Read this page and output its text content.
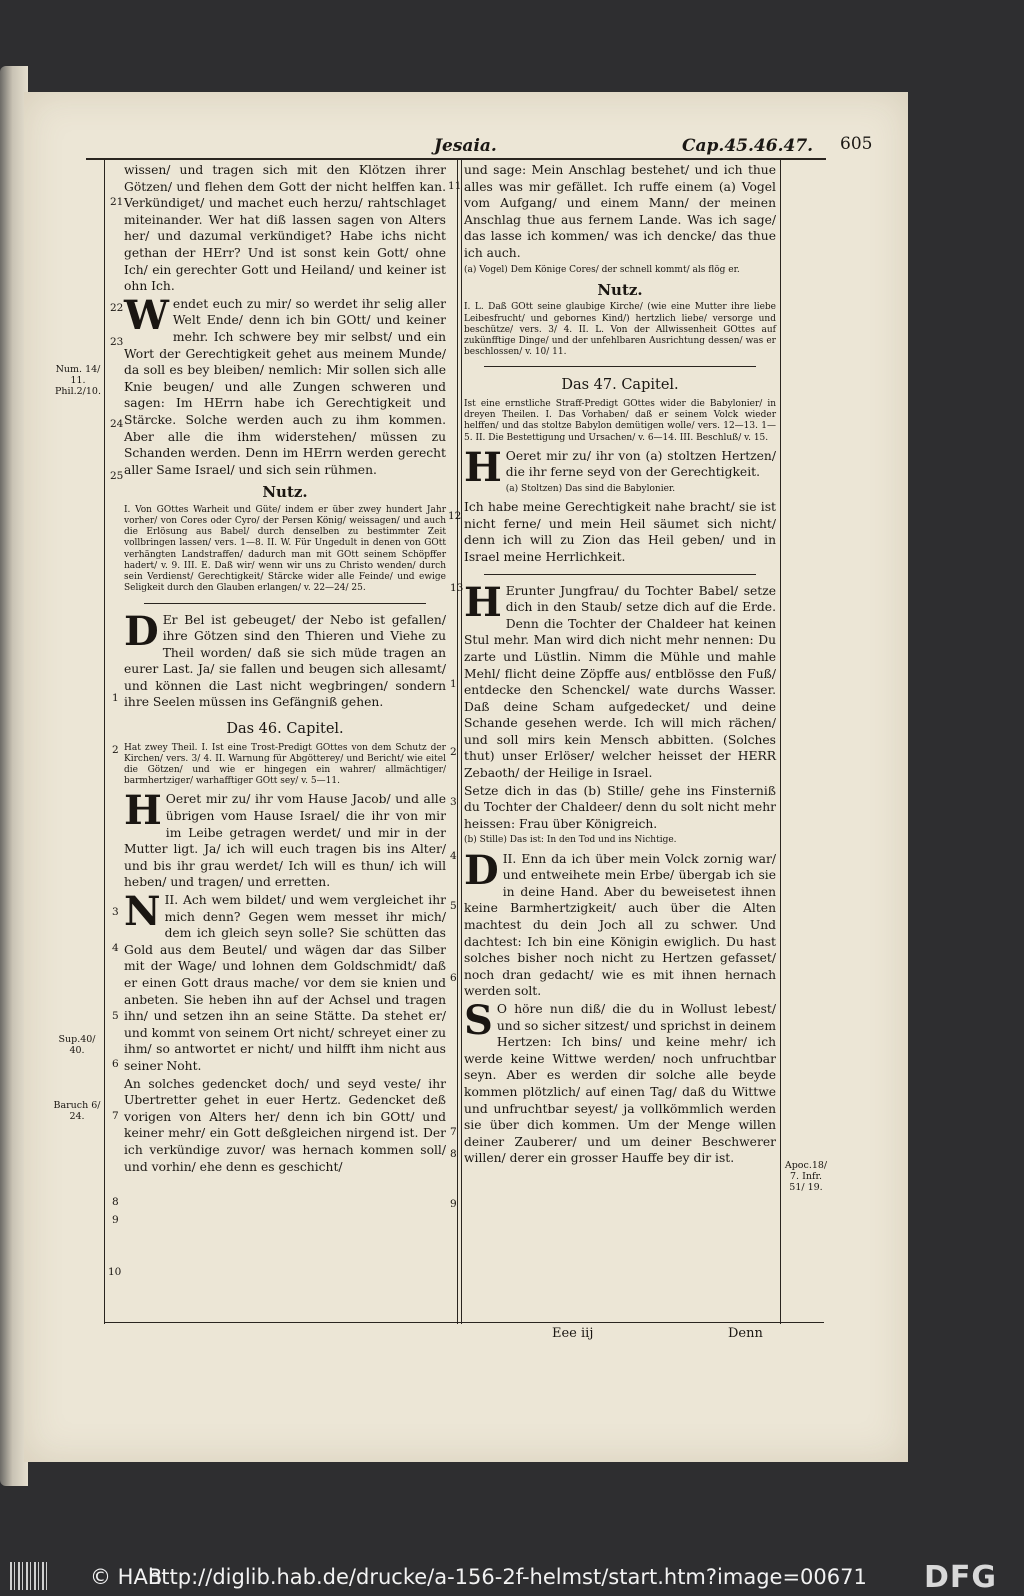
Jesaia.	Cap.45.46.47. 605
21
22
23
24
25
1
2
3
4
5
6
7
8
9
10
11
12
13
1
2
3
4
5
6
7
8
9
Num. 14/ 11. Phil.2/10.
Sup.40/ 40.
Baruch 6/ 24.
Apoc.18/ 7. Infr. 51/ 19.

wissen/ und tragen sich mit den Klötzen ihrer Götzen/ und flehen dem Gott der nicht helffen kan. Verkündiget/ und machet euch herzu/ rahtschlaget miteinander. Wer hat diß lassen sagen von Alters her/ und dazumal verkündiget? Habe ichs nicht gethan der HErr? Und ist sonst kein Gott/ ohne Ich/ ein gerechter Gott und Heiland/ und keiner ist ohn Ich.

W endet euch zu mir/ so werdet ihr selig aller Welt Ende/ denn ich bin GOtt/ und keiner mehr. Ich schwere bey mir selbst/ und ein Wort der Gerechtigkeit gehet aus meinem Munde/ da soll es bey bleiben/ nemlich: Mir sollen sich alle Knie beugen/ und alle Zungen schweren und sagen: Im HErrn habe ich Gerechtigkeit und Stärcke. Solche werden auch zu ihm kommen. Aber alle die ihm widerstehen/ müssen zu Schanden werden. Denn im HErrn werden gerecht aller Same Israel/ und sich sein rühmen.

Nutz.

I. Von GOttes Warheit und Güte/ indem er über zwey hundert Jahr vorher/ von Cores oder Cyro/ der Persen König/ weissagen/ und auch die Erlösung aus Babel/ durch denselben zu bestimmter Zeit vollbringen lassen/ vers. 1—8. II. W. Für Ungedult in denen von GOtt verhängten Landstraffen/ dadurch man mit GOtt seinem Schöpffer hadert/ v. 9. III. E. Daß wir/ wenn wir uns zu Christo wenden/ durch sein Verdienst/ Gerechtigkeit/ Stärcke wider alle Feinde/ und ewige Seligkeit durch den Glauben erlangen/ v. 22—24/ 25.

D Er Bel ist gebeuget/ der Nebo ist gefallen/ ihre Götzen sind den Thieren und Viehe zu Theil worden/ daß sie sich müde tragen an eurer Last. Ja/ sie fallen und beugen sich allesamt/ und können die Last nicht wegbringen/ sondern ihre Seelen müssen ins Gefängniß gehen.

Das 46. Capitel.

Hat zwey Theil. I. Ist eine Trost-Predigt GOttes von dem Schutz der Kirchen/ vers. 3/ 4. II. Warnung für Abgötterey/ und Bericht/ wie eitel die Götzen/ und wie er hingegen ein wahrer/ allmächtiger/ barmhertziger/ warhafftiger GOtt sey/ v. 5—11.

H Oeret mir zu/ ihr vom Hause Jacob/ und alle übrigen vom Hause Israel/ die ihr von mir im Leibe getragen werdet/ und mir in der Mutter ligt. Ja/ ich will euch tragen bis ins Alter/ und bis ihr grau werdet/ Ich will es thun/ ich will heben/ und tragen/ und erretten.

N II. Ach wem bildet/ und wem vergleichet ihr mich denn? Gegen wem messet ihr mich/ dem ich gleich seyn solle? Sie schütten das Gold aus dem Beutel/ und wägen dar das Silber mit der Wage/ und lohnen dem Goldschmidt/ daß er einen Gott draus mache/ vor dem sie knien und anbeten. Sie heben ihn auf der Achsel und tragen ihn/ und setzen ihn an seine Stätte. Da stehet er/ und kommt von seinem Ort nicht/ schreyet einer zu ihm/ so antwortet er nicht/ und hilfft ihm nicht aus seiner Noht.

An solches gedencket doch/ und seyd veste/ ihr Ubertretter gehet in euer Hertz. Gedencket deß vorigen von Alters her/ denn ich bin GOtt/ und keiner mehr/ ein Gott deßgleichen nirgend ist. Der ich verkündige zuvor/ was hernach kommen soll/ und vorhin/ ehe denn es geschicht/

und sage: Mein Anschlag bestehet/ und ich thue alles was mir gefället. Ich ruffe einem (a) Vogel vom Aufgang/ und einem Mann/ der meinen Anschlag thue aus fernem Lande. Was ich sage/ das lasse ich kommen/ was ich dencke/ das thue ich auch.

(a) Vogel) Dem Könige Cores/ der schnell kommt/ als flög er.

Nutz.

I. L. Daß GOtt seine glaubige Kirche/ (wie eine Mutter ihre liebe Leibesfrucht/ und gebornes Kind/) hertzlich liebe/ versorge und beschütze/ vers. 3/ 4. II. L. Von der Allwissenheit GOttes auf zukünfftige Dinge/ und der unfehlbaren Ausrichtung dessen/ was er beschlossen/ v. 10/ 11.

Das 47. Capitel.

Ist eine ernstliche Straff-Predigt GOttes wider die Babylonier/ in dreyen Theilen. I. Das Vorhaben/ daß er seinem Volck wieder helffen/ und das stoltze Babylon demütigen wolle/ vers. 12—13. 1—5. II. Die Bestettigung und Ursachen/ v. 6—14. III. Beschluß/ v. 15.

H Oeret mir zu/ ihr von (a) stoltzen Hertzen/ die ihr ferne seyd von der Gerechtigkeit.

(a) Stoltzen) Das sind die Babylonier.

Ich habe meine Gerechtigkeit nahe bracht/ sie ist nicht ferne/ und mein Heil säumet sich nicht/ denn ich will zu Zion das Heil geben/ und in Israel meine Herrlichkeit.

H Erunter Jungfrau/ du Tochter Babel/ setze dich in den Staub/ setze dich auf die Erde. Denn die Tochter der Chaldeer hat keinen Stul mehr. Man wird dich nicht mehr nennen: Du zarte und Lüstlin. Nimm die Mühle und mahle Mehl/ flicht deine Zöpffe aus/ entblösse den Fuß/ entdecke den Schenckel/ wate durchs Wasser. Daß deine Scham aufgedecket/ und deine Schande gesehen werde. Ich will mich rächen/ und soll mirs kein Mensch abbitten. (Solches thut) unser Erlöser/ welcher heisset der HERR Zebaoth/ der Heilige in Israel.

Setze dich in das (b) Stille/ gehe ins Finsterniß du Tochter der Chaldeer/ denn du solt nicht mehr heissen: Frau über Königreich.

(b) Stille) Das ist: In den Tod und ins Nichtige.

D II. Enn da ich über mein Volck zornig war/ und entweihete mein Erbe/ übergab ich sie in deine Hand. Aber du beweisetest ihnen keine Barmhertzigkeit/ auch über die Alten machtest du dein Joch all zu schwer. Und dachtest: Ich bin eine Königin ewiglich. Du hast solches bisher noch nicht zu Hertzen gefasset/ noch dran gedacht/ wie es mit ihnen hernach werden solt.

S O höre nun diß/ die du in Wollust lebest/ und so sicher sitzest/ und sprichst in deinem Hertzen: Ich bins/ und keine mehr/ ich werde keine Wittwe werden/ noch unfruchtbar seyn. Aber es werden dir solche alle beyde kommen plötzlich/ auf einen Tag/ daß du Wittwe und unfruchtbar seyest/ ja vollkömmlich werden sie über dich kommen. Um der Menge willen deiner Zauberer/ und um deiner Beschwerer willen/ derer ein grosser Hauffe bey dir ist.

Eee iij	Denn
© HAB
http://diglib.hab.de/drucke/a-156-2f-helmst/start.htm?image=00671 DFG
